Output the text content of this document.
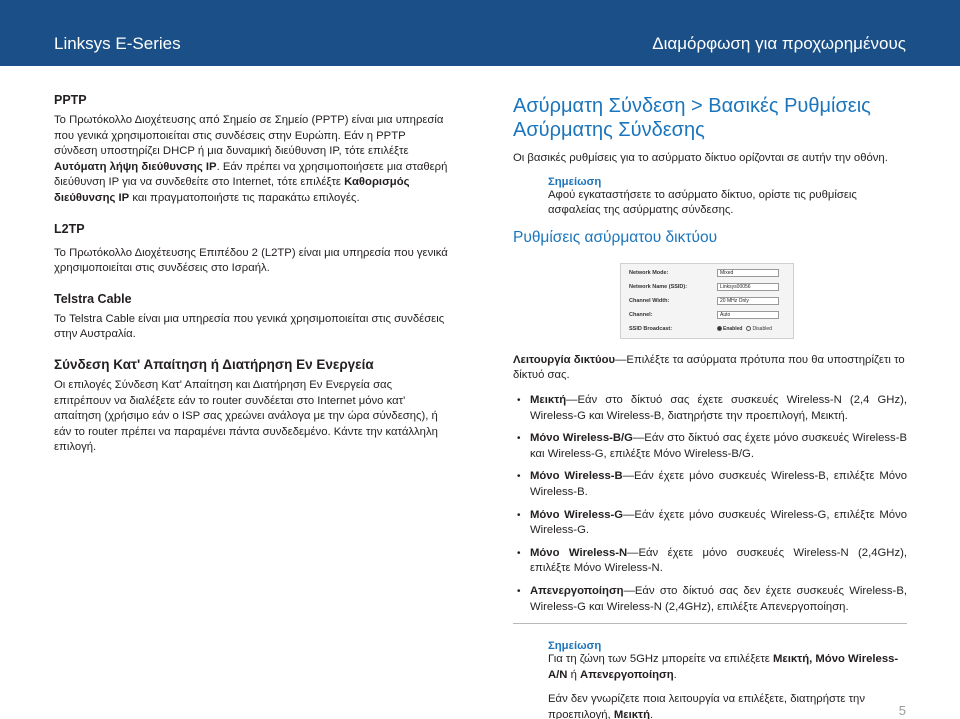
Linksys E-Series	Διαμόρφωση για προχωρημένους
PPTP

Το Πρωτόκολλο Διοχέτευσης από Σημείο σε Σημείο (PPTP) είναι μια υπηρεσία που γενικά χρησιμοποιείται στις συνδέσεις στην Ευρώπη. Εάν η PPTP σύνδεση υποστηρίζει DHCP ή μια δυναμική διεύθυνση IP, τότε επιλέξτε Αυτόματη λήψη διεύθυνσης IP. Εάν πρέπει να χρησιμοποιήσετε μια σταθερή διεύθυνση IP για να συνδεθείτε στο Internet, τότε επιλέξτε Καθορισμός διεύθυνσης IP και πραγματοποιήστε τις παρακάτω επιλογές.

L2TP

Το Πρωτόκολλο Διοχέτευσης Επιπέδου 2 (L2TP) είναι μια υπηρεσία που γενικά χρησιμοποιείται στις συνδέσεις στο Ισραήλ.

Telstra Cable

Το Telstra Cable είναι μια υπηρεσία που γενικά χρησιμοποιείται στις συνδέσεις στην Αυστραλία.

Σύνδεση Κατ' Απαίτηση ή Διατήρηση Εν Ενεργεία

Οι επιλογές Σύνδεση Κατ' Απαίτηση και Διατήρηση Εν Ενεργεία σας επιτρέπουν να διαλέξετε εάν το router συνδέεται στο Internet μόνο κατ' απαίτηση (χρήσιμο εάν ο ISP σας χρεώνει ανάλογα με την ώρα σύνδεσης), ή εάν το router πρέπει να παραμένει πάντα συνδεδεμένο. Κάντε την κατάλληλη επιλογή.

Ασύρματη Σύνδεση > Βασικές Ρυθμίσεις
Ασύρματης Σύνδεσης

Οι βασικές ρυθμίσεις για το ασύρματο δίκτυο ορίζονται σε αυτήν την οθόνη.

Σημείωση

Αφού εγκαταστήσετε το ασύρματο δίκτυο, ορίστε τις ρυθμίσεις ασφαλείας της ασύρματης σύνδεσης.

Ρυθμίσεις ασύρματου δικτύου
Network Mode:	Mixed
Network Name (SSID):	Linksys00056
Channel Width:	20 MHz Only
Channel:	Auto
SSID Broadcast:	Enabled	Disabled

Λειτουργία δικτύου—Επιλέξτε τα ασύρματα πρότυπα που θα υποστηρίζετι το δίκτυό σας.

• Μεικτή—Εάν στο δίκτυό σας έχετε συσκευές Wireless-N (2,4 GHz), Wireless-G και Wireless-B, διατηρήστε την προεπιλογή, Μεικτή.
• Μόνο Wireless-B/G—Εάν στο δίκτυό σας έχετε μόνο συσκευές Wireless-B και Wireless-G, επιλέξτε Μόνο Wireless-B/G.
• Μόνο Wireless-B—Εάν έχετε μόνο συσκευές Wireless-B, επιλέξτε Μόνο Wireless-B.
• Μόνο Wireless-G—Εάν έχετε μόνο συσκευές Wireless-G, επιλέξτε Μόνο Wireless-G.
• Μόνο Wireless-N—Εάν έχετε μόνο συσκευές Wireless-N (2,4GHz), επιλέξτε Μόνο Wireless-N.
• Απενεργοποίηση—Εάν στο δίκτυό σας δεν έχετε συσκευές Wireless-B, Wireless-G και Wireless-N (2,4GHz), επιλέξτε Απενεργοποίηση.
Σημείωση

Για τη ζώνη των 5GHz μπορείτε να επιλέξετε Μεικτή, Μόνο Wireless-A/N ή Απενεργοποίηση.

Εάν δεν γνωρίζετε ποια λειτουργία να επιλέξετε, διατηρήστε την προεπιλογή, Μεικτή.	5
